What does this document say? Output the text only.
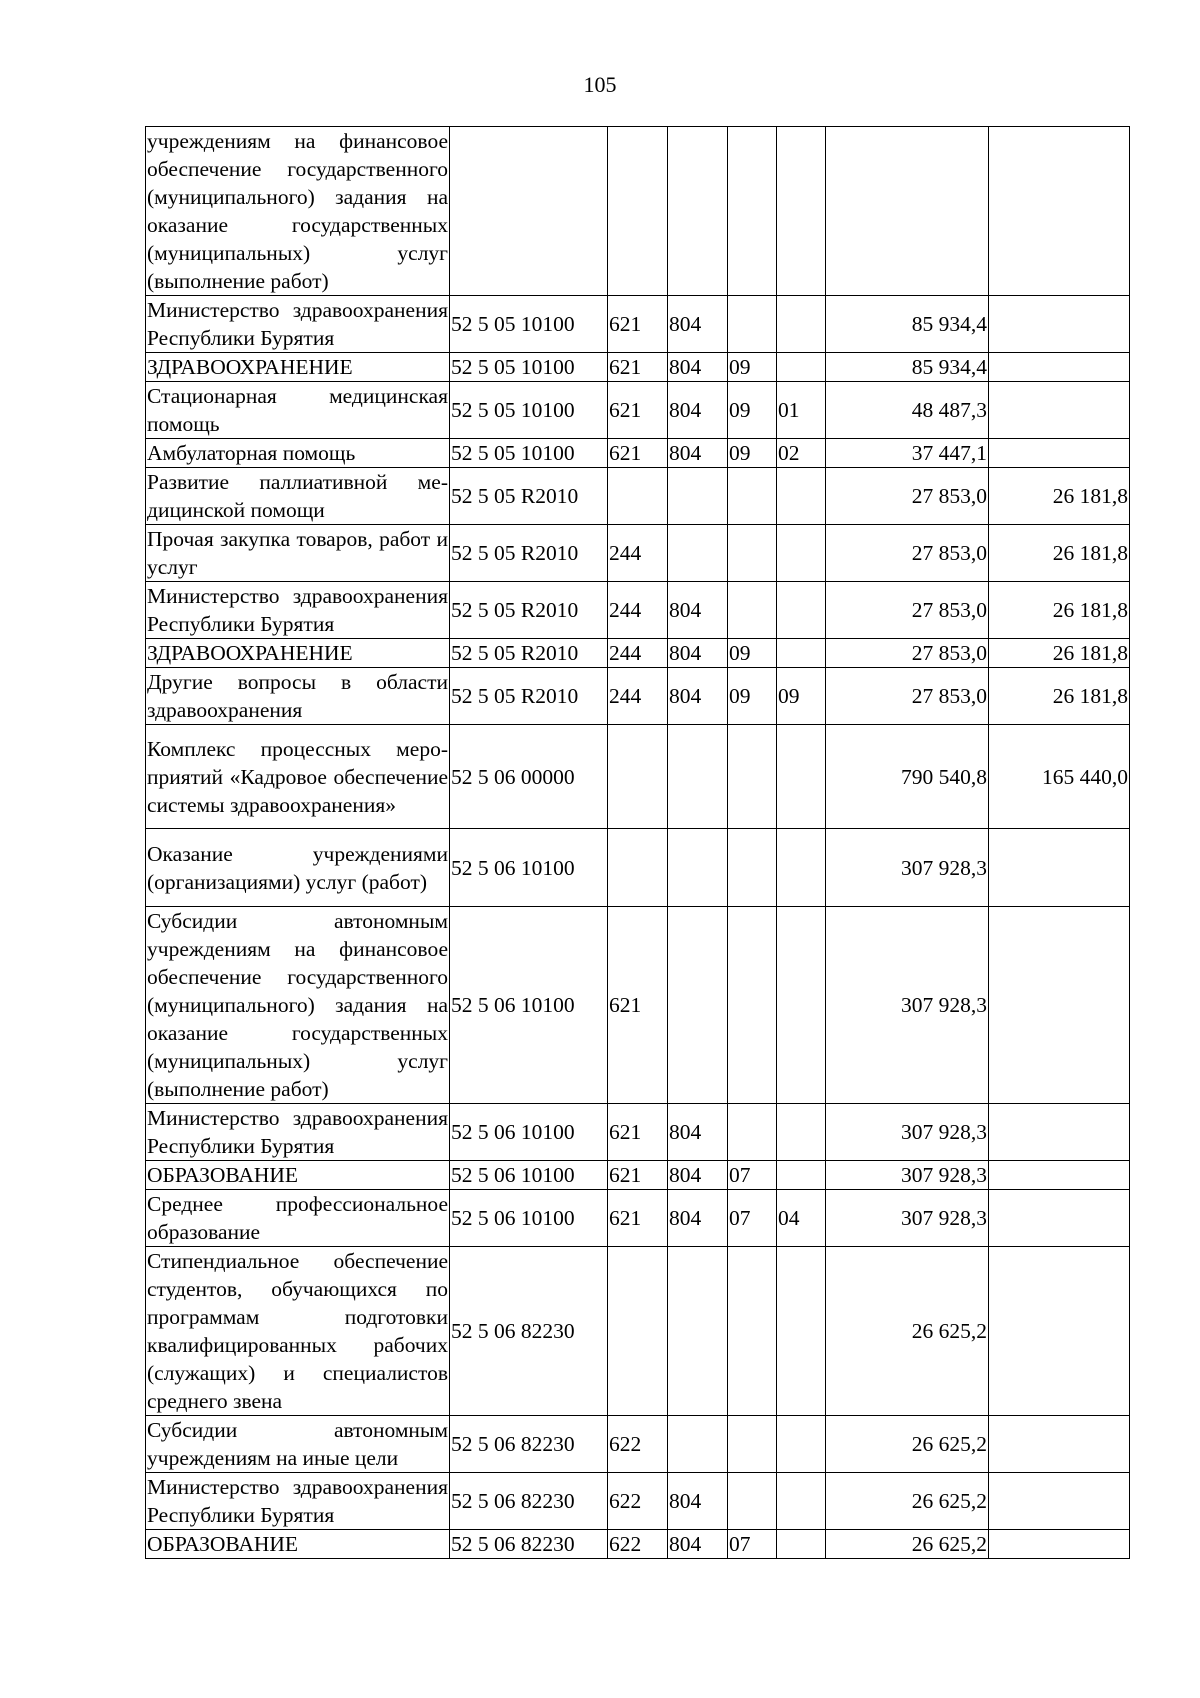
105
учреждениям на финансовое обеспечение государственного (муниципального) задания на оказание государственных (муниципальных) услуг (выполнение работ)							
Министерство здравоохранения Республики Бурятия	52 5 05 10100	621	804			85 934,4	
ЗДРАВООХРАНЕНИЕ	52 5 05 10100	621	804	09		85 934,4	
Стационарная медицинская помощь	52 5 05 10100	621	804	09	01	48 487,3	
Амбулаторная помощь	52 5 05 10100	621	804	09	02	37 447,1	
Развитие паллиативной медицинской помощи	52 5 05 R2010					27 853,0	26 181,8
Прочая закупка товаров, работ и услуг	52 5 05 R2010	244				27 853,0	26 181,8
Министерство здравоохранения Республики Бурятия	52 5 05 R2010	244	804			27 853,0	26 181,8
ЗДРАВООХРАНЕНИЕ	52 5 05 R2010	244	804	09		27 853,0	26 181,8
Другие вопросы в области здравоохранения	52 5 05 R2010	244	804	09	09	27 853,0	26 181,8
Комплекс процессных мероприятий «Кадровое обеспечение системы здравоохранения»	52 5 06 00000					790 540,8	165 440,0
Оказание учреждениями (организациями) услуг (работ)	52 5 06 10100					307 928,3	
Субсидии автономным учреждениям на финансовое обеспечение государственного (муниципального) задания на оказание государственных (муниципальных) услуг (выполнение работ)	52 5 06 10100	621				307 928,3	
Министерство здравоохранения Республики Бурятия	52 5 06 10100	621	804			307 928,3	
ОБРАЗОВАНИЕ	52 5 06 10100	621	804	07		307 928,3	
Среднее профессиональное образование	52 5 06 10100	621	804	07	04	307 928,3	
Стипендиальное обеспечение студентов, обучающихся по программам подготовки квалифицированных рабочих (служащих) и специалистов среднего звена	52 5 06 82230					26 625,2	
Субсидии автономным учреждениям на иные цели	52 5 06 82230	622				26 625,2	
Министерство здравоохранения Республики Бурятия	52 5 06 82230	622	804			26 625,2	
ОБРАЗОВАНИЕ	52 5 06 82230	622	804	07		26 625,2	
